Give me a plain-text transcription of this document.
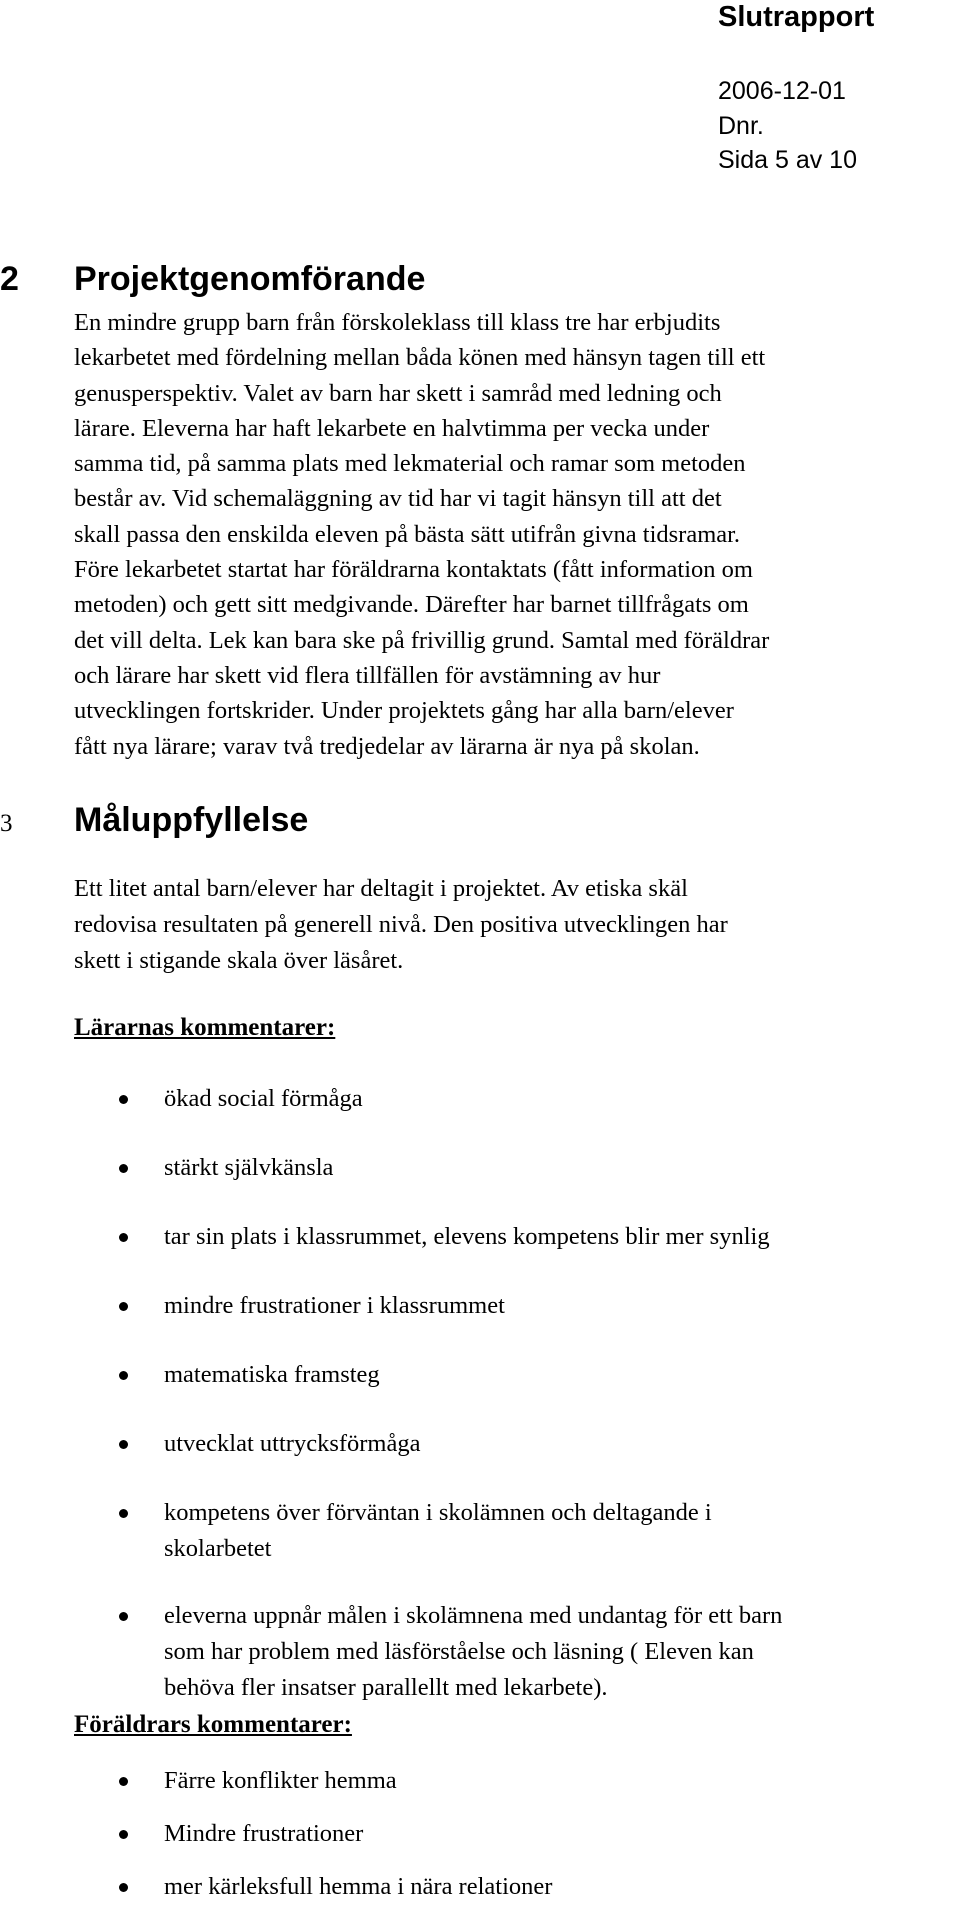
Slutrapport
2006-12-01
Dnr.
Sida 5 av 10
2 Projektgenomförande
En mindre grupp barn från förskoleklass till klass tre har erbjudits
lekarbetet med fördelning mellan båda könen med hänsyn tagen till ett
genusperspektiv. Valet av barn har skett i samråd med ledning och
lärare. Eleverna har haft lekarbete en halvtimma per vecka under
samma tid, på samma plats med lekmaterial och ramar som metoden
består av. Vid schemaläggning av tid har vi tagit hänsyn till att det
skall passa den enskilda eleven på bästa sätt utifrån givna tidsramar.
Före lekarbetet startat har föräldrarna kontaktats (fått information om
metoden) och gett sitt medgivande. Därefter har barnet tillfrågats om
det vill delta. Lek kan bara ske på frivillig grund. Samtal med föräldrar
och lärare har skett vid flera tillfällen för avstämning av hur
utvecklingen fortskrider. Under projektets gång har alla barn/elever
fått nya lärare; varav två tredjedelar av lärarna är nya på skolan.
3 Måluppfyllelse
Ett litet antal barn/elever har deltagit i projektet. Av etiska skäl
redovisa resultaten på generell nivå. Den positiva utvecklingen har
skett i stigande skala över läsåret.
Lärarnas kommentarer:
ökad social förmåga
stärkt självkänsla
tar sin plats i klassrummet, elevens kompetens blir mer synlig
mindre frustrationer i klassrummet
matematiska framsteg
utvecklat uttrycksförmåga
kompetens över förväntan i skolämnen och deltagande i
skolarbetet
eleverna uppnår målen i skolämnena med undantag för ett barn
som har problem med läsförståelse och läsning ( Eleven kan
behöva fler insatser parallellt med lekarbete).
Föräldrars kommentarer:
Färre konflikter hemma
Mindre frustrationer
mer kärleksfull hemma i nära relationer
